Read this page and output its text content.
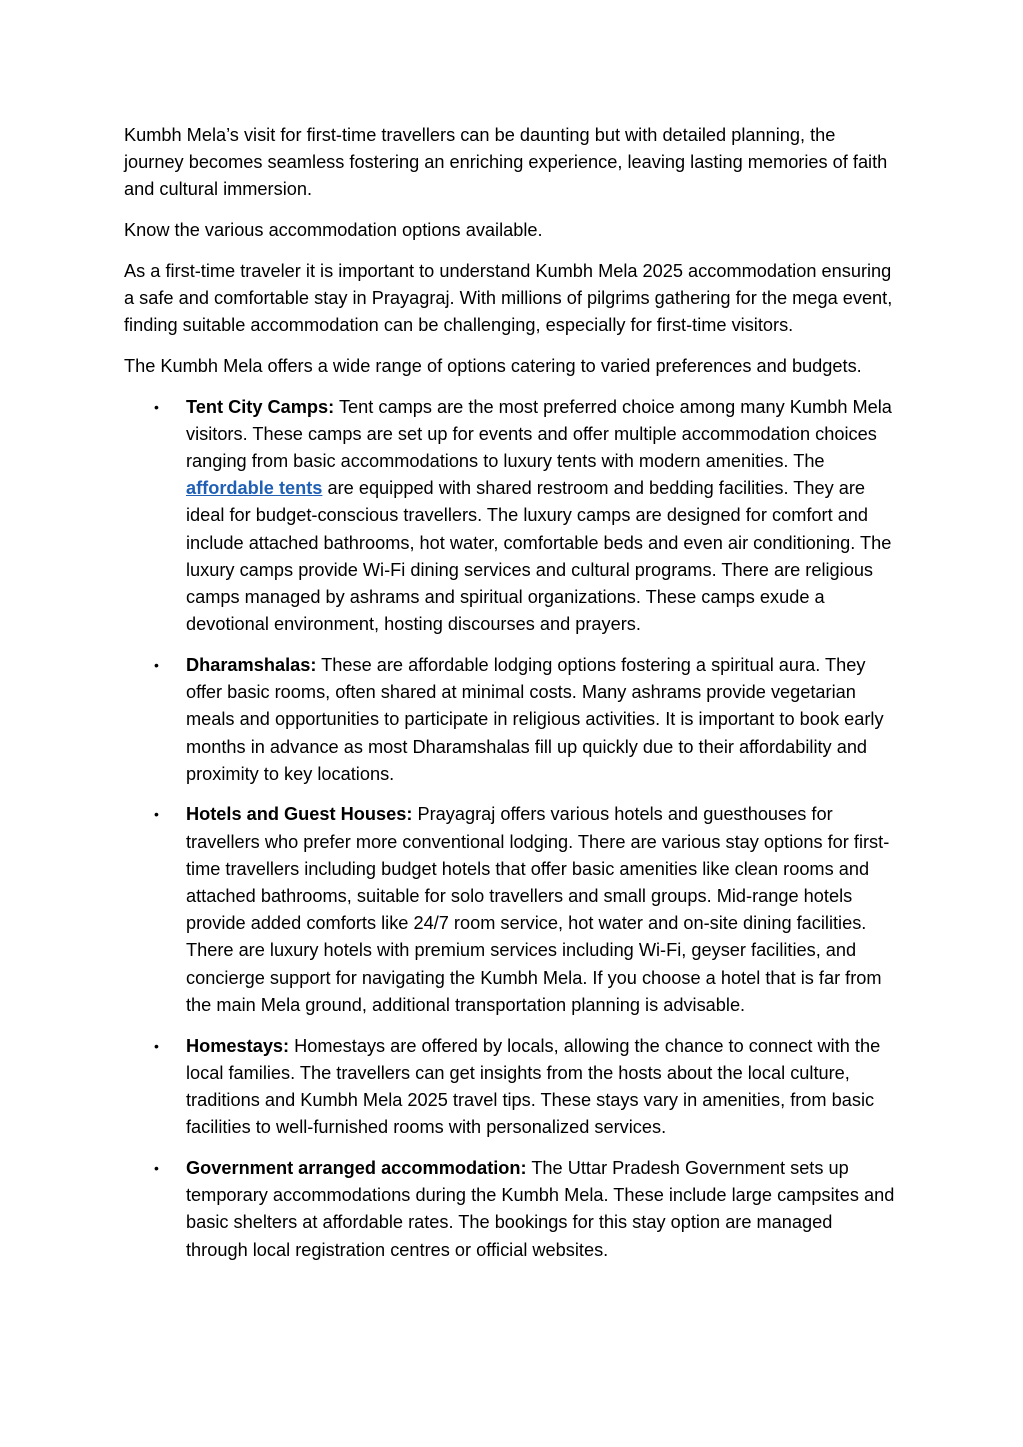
Kumbh Mela’s visit for first-time travellers can be daunting but with detailed planning, the journey becomes seamless fostering an enriching experience, leaving lasting memories of faith and cultural immersion.

Know the various accommodation options available.

As a first-time traveler it is important to understand Kumbh Mela 2025 accommodation ensuring a safe and comfortable stay in Prayagraj. With millions of pilgrims gathering for the mega event, finding suitable accommodation can be challenging, especially for first-time visitors.

The Kumbh Mela offers a wide range of options catering to varied preferences and budgets.

• Tent City Camps: Tent camps are the most preferred choice among many Kumbh Mela visitors. These camps are set up for events and offer multiple accommodation choices ranging from basic accommodations to luxury tents with modern amenities. The affordable tents are equipped with shared restroom and bedding facilities. They are ideal for budget-conscious travellers. The luxury camps are designed for comfort and include attached bathrooms, hot water, comfortable beds and even air conditioning. The luxury camps provide Wi-Fi dining services and cultural programs. There are religious camps managed by ashrams and spiritual organizations. These camps exude a devotional environment, hosting discourses and prayers.
• Dharamshalas: These are affordable lodging options fostering a spiritual aura. They offer basic rooms, often shared at minimal costs. Many ashrams provide vegetarian meals and opportunities to participate in religious activities. It is important to book early months in advance as most Dharamshalas fill up quickly due to their affordability and proximity to key locations.
• Hotels and Guest Houses: Prayagraj offers various hotels and guesthouses for travellers who prefer more conventional lodging. There are various stay options for first-time travellers including budget hotels that offer basic amenities like clean rooms and attached bathrooms, suitable for solo travellers and small groups. Mid-range hotels provide added comforts like 24/7 room service, hot water and on-site dining facilities. There are luxury hotels with premium services including Wi-Fi, geyser facilities, and concierge support for navigating the Kumbh Mela. If you choose a hotel that is far from the main Mela ground, additional transportation planning is advisable.
• Homestays: Homestays are offered by locals, allowing the chance to connect with the local families. The travellers can get insights from the hosts about the local culture, traditions and Kumbh Mela 2025 travel tips. These stays vary in amenities, from basic facilities to well-furnished rooms with personalized services.
• Government arranged accommodation: The Uttar Pradesh Government sets up temporary accommodations during the Kumbh Mela. These include large campsites and basic shelters at affordable rates. The bookings for this stay option are managed through local registration centres or official websites.
